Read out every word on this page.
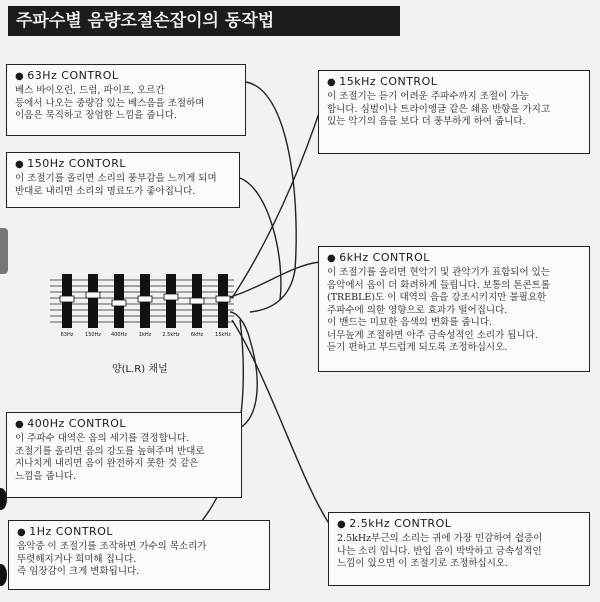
주파수별 음량조절손잡이의 동작법
63Hz 150Hz 400Hz 1kHz 2.5kHz 6kHz 15kHz
양(L.R) 채널
● 63Hz CONTROL
베스 바이오린, 드럼, 파이프, 오르간
등에서 나오는 중량감 있는 베스음을 조절하며
이음은 묵직하고 장엄한 느낌을 줍니다.
● 150Hz CONTORL
이 조절기를 올리면 소리의 풍부감을 느끼게 되며
반대로 내리면 소리의 명료도가 좋아집니다.
● 400Hz CONTROL
이 주파수 대역은 음의 세기를 결정합니다.
조절기를 올리면 음의 강도를 높혀주며 반대로
지나치게 내리면 음이 완전하지 못한 것 같은
느낌을 줍니다.
● 1Hz CONTROL
음악중 이 조절기를 조작하면 가수의 목소리가
뚜렷해지거나 희미해 집니다.
즉 임장감이 크게 변화됩니다.
● 15kHz CONTROL
이 조절기는 듣기 어려운 주파수까지 조절이 가능
합니다. 심벌이나 트라이앵글 같은 쇄음 반향을 가지고
있는 악기의 음을 보다 더 풍부하게 하여 줍니다.
● 6kHz CONTROL
이 조절기를 올리면 현악기 및 관악기가 표함되어 있는
음악에서 음이 더 화려하게 들립니다. 보통의 톤콘트롤
(TREBLE)도 이 대역의 음을 강조시키지만 불필요한
주파수에 의한 영향으로 효과가 떨어집니다.
이 밴드는 미묘한 음색의 변화를 줍니다.
너무높게 조절하면 아주 금속성적인 소리가 됩니다.
듣기 편하고 부드럽게 되도록 조정하십시오.
● 2.5kHz CONTROL
2.5kHz부근의 소리는 귀에 가장 민감하여 쉽증이
나는 소리 입니다. 반입 음이 박박하고 금속성적인
느낌이 있으면 이 조절기로 조정하십시오.
